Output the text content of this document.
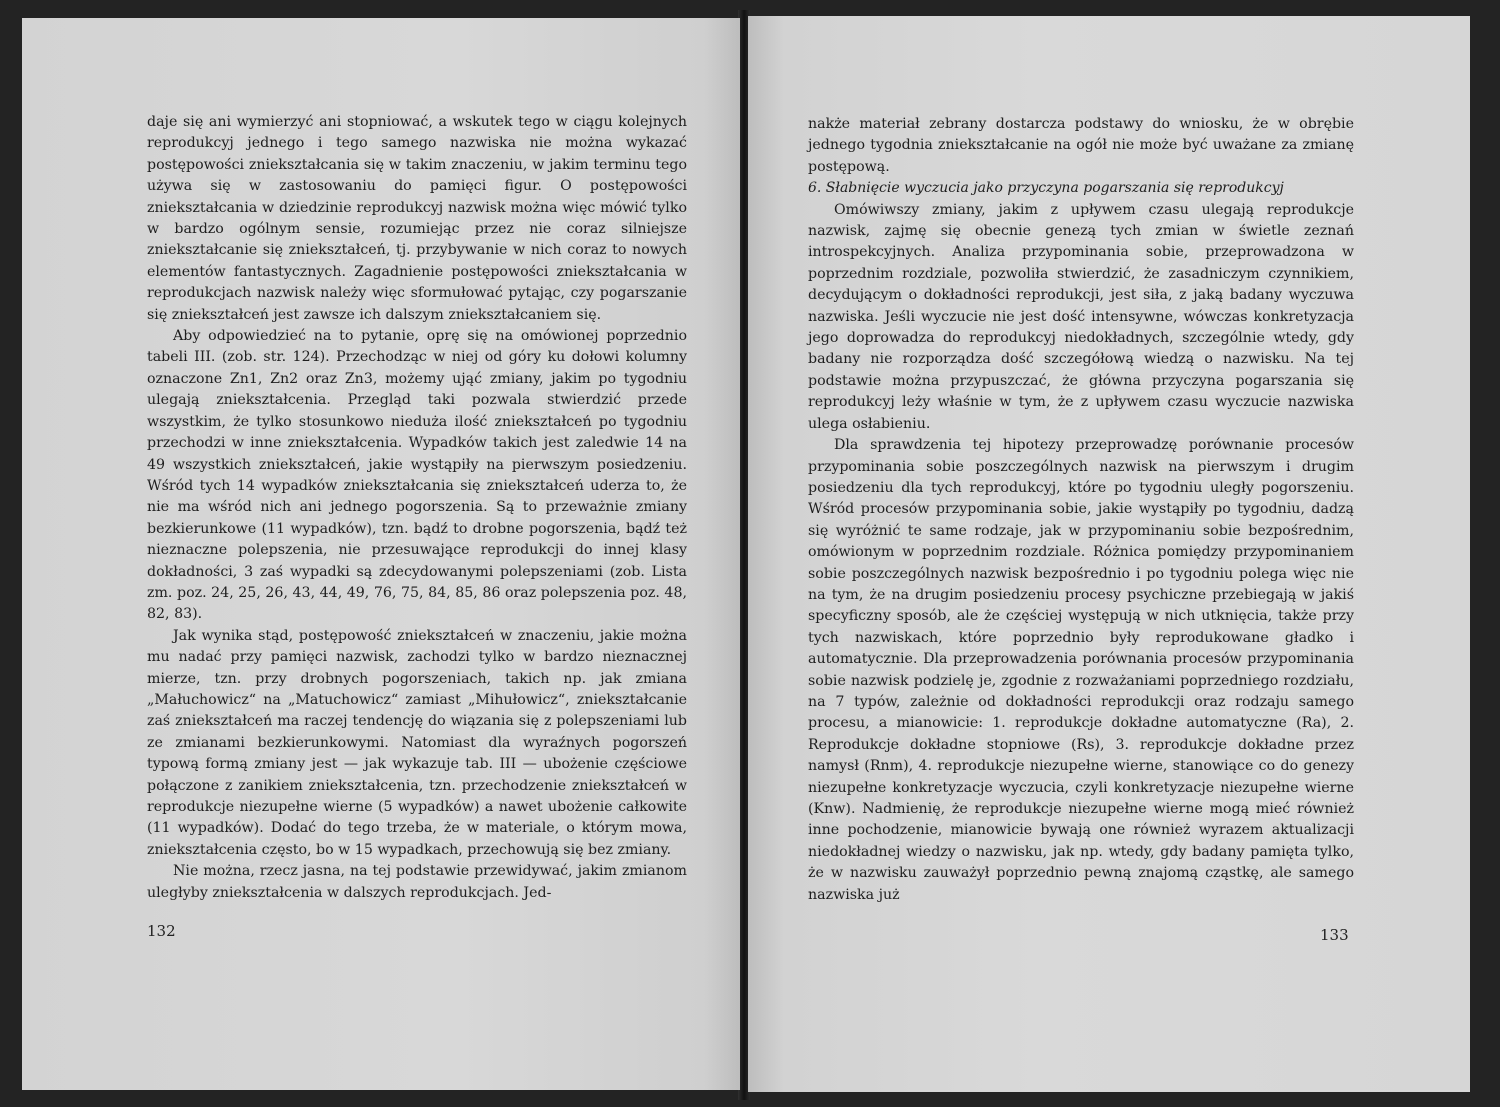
daje się ani wymierzyć ani stopniować, a wskutek tego w ciągu kolejnych reprodukcyj jednego i tego samego nazwiska nie można wykazać postępowości zniekształcania się w takim znaczeniu, w jakim terminu tego używa się w zastosowaniu do pamięci figur. O postępowości zniekształcania w dziedzinie reprodukcyj nazwisk można więc mówić tylko w bardzo ogólnym sensie, rozumiejąc przez nie coraz silniejsze zniekształcanie się zniekształceń, tj. przybywanie w nich coraz to nowych elementów fantastycznych. Zagadnienie postępowości zniekształcania w reprodukcjach nazwisk należy więc sformułować pytając, czy pogarszanie się zniekształceń jest zawsze ich dalszym zniekształcaniem się.

Aby odpowiedzieć na to pytanie, oprę się na omówionej poprzednio tabeli III. (zob. str. 124). Przechodząc w niej od góry ku dołowi kolumny oznaczone Zn1, Zn2 oraz Zn3, możemy ująć zmiany, jakim po tygodniu ulegają zniekształcenia. Przegląd taki pozwala stwierdzić przede wszystkim, że tylko stosunkowo nieduża ilość zniekształceń po tygodniu przechodzi w inne zniekształcenia. Wypadków takich jest zaledwie 14 na 49 wszystkich zniekształceń, jakie wystąpiły na pierwszym posiedzeniu. Wśród tych 14 wypadków zniekształcania się zniekształceń uderza to, że nie ma wśród nich ani jednego pogorszenia. Są to przeważnie zmiany bezkierunkowe (11 wypadków), tzn. bądź to drobne pogorszenia, bądź też nieznaczne polepszenia, nie przesuwające reprodukcji do innej klasy dokładności, 3 zaś wypadki są zdecydowanymi polepszeniami (zob. Lista zm. poz. 24, 25, 26, 43, 44, 49, 76, 75, 84, 85, 86 oraz polepszenia poz. 48, 82, 83).

Jak wynika stąd, postępowość zniekształceń w znaczeniu, jakie można mu nadać przy pamięci nazwisk, zachodzi tylko w bardzo nieznacznej mierze, tzn. przy drobnych pogorszeniach, takich np. jak zmiana „Małuchowicz“ na „Matuchowicz“ zamiast „Mihułowicz“, zniekształcanie zaś zniekształceń ma raczej tendencję do wiązania się z polepszeniami lub ze zmianami bezkierunkowymi. Natomiast dla wyraźnych pogorszeń typową formą zmiany jest — jak wykazuje tab. III — ubożenie częściowe połączone z zanikiem zniekształcenia, tzn. przechodzenie zniekształceń w reprodukcje niezupełne wierne (5 wypadków) a nawet ubożenie całkowite (11 wypadków). Dodać do tego trzeba, że w materiale, o którym mowa, zniekształcenia często, bo w 15 wypadkach, przechowują się bez zmiany.

Nie można, rzecz jasna, na tej podstawie przewidywać, jakim zmianom uległyby zniekształcenia w dalszych reprodukcjach. Jed-

132

nakże materiał zebrany dostarcza podstawy do wniosku, że w obrębie jednego tygodnia zniekształcanie na ogół nie może być uważane za zmianę postępową.

6. Słabnięcie wyczucia jako przyczyna pogarszania się reprodukcyj

Omówiwszy zmiany, jakim z upływem czasu ulegają reprodukcje nazwisk, zajmę się obecnie genezą tych zmian w świetle zeznań introspekcyjnych. Analiza przypominania sobie, przeprowadzona w poprzednim rozdziale, pozwoliła stwierdzić, że zasadniczym czynnikiem, decydującym o dokładności reprodukcji, jest siła, z jaką badany wyczuwa nazwiska. Jeśli wyczucie nie jest dość intensywne, wówczas konkretyzacja jego doprowadza do reprodukcyj niedokładnych, szczególnie wtedy, gdy badany nie rozporządza dość szczegółową wiedzą o nazwisku. Na tej podstawie można przypuszczać, że główna przyczyna pogarszania się reprodukcyj leży właśnie w tym, że z upływem czasu wyczucie nazwiska ulega osłabieniu.

Dla sprawdzenia tej hipotezy przeprowadzę porównanie procesów przypominania sobie poszczególnych nazwisk na pierwszym i drugim posiedzeniu dla tych reprodukcyj, które po tygodniu uległy pogorszeniu. Wśród procesów przypominania sobie, jakie wystąpiły po tygodniu, dadzą się wyróżnić te same rodzaje, jak w przypominaniu sobie bezpośrednim, omówionym w poprzednim rozdziale. Różnica pomiędzy przypominaniem sobie poszczególnych nazwisk bezpośrednio i po tygodniu polega więc nie na tym, że na drugim posiedzeniu procesy psychiczne przebiegają w jakiś specyficzny sposób, ale że częściej występują w nich utknięcia, także przy tych nazwiskach, które poprzednio były reprodukowane gładko i automatycznie. Dla przeprowadzenia porównania procesów przypominania sobie nazwisk podzielę je, zgodnie z rozważaniami poprzedniego rozdziału, na 7 typów, zależnie od dokładności reprodukcji oraz rodzaju samego procesu, a mianowicie: 1. reprodukcje dokładne automatyczne (Ra), 2. Reprodukcje dokładne stopniowe (Rs), 3. reprodukcje dokładne przez namysł (Rnm), 4. reprodukcje niezupełne wierne, stanowiące co do genezy niezupełne konkretyzacje wyczucia, czyli konkretyzacje niezupełne wierne (Knw). Nadmienię, że reprodukcje niezupełne wierne mogą mieć również inne pochodzenie, mianowicie bywają one również wyrazem aktualizacji niedokładnej wiedzy o nazwisku, jak np. wtedy, gdy badany pamięta tylko, że w nazwisku zauważył poprzednio pewną znajomą cząstkę, ale samego nazwiska już

133
